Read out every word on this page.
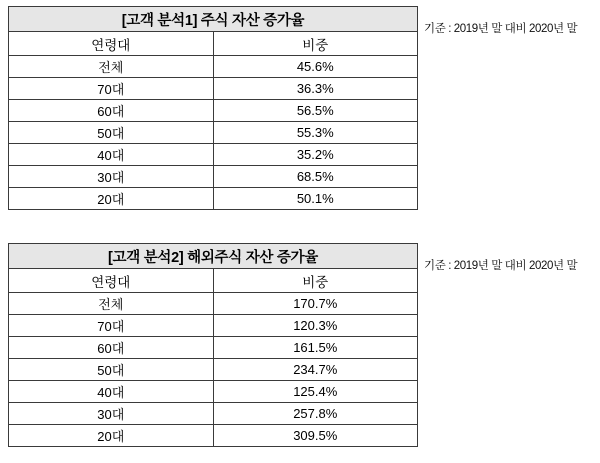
[고객 분석1] 주식 자산 증가율	
연령대	비중
전체	45.6%
70대	36.3%
60대	56.5%
50대	55.3%
40대	35.2%
30대	68.5%
20대	50.1%
기준 : 2019년 말 대비 2020년 말
[고객 분석2] 해외주식 자산 증가율	
연령대	비중
전체	170.7%
70대	120.3%
60대	161.5%
50대	234.7%
40대	125.4%
30대	257.8%
20대	309.5%
기준 : 2019년 말 대비 2020년 말
